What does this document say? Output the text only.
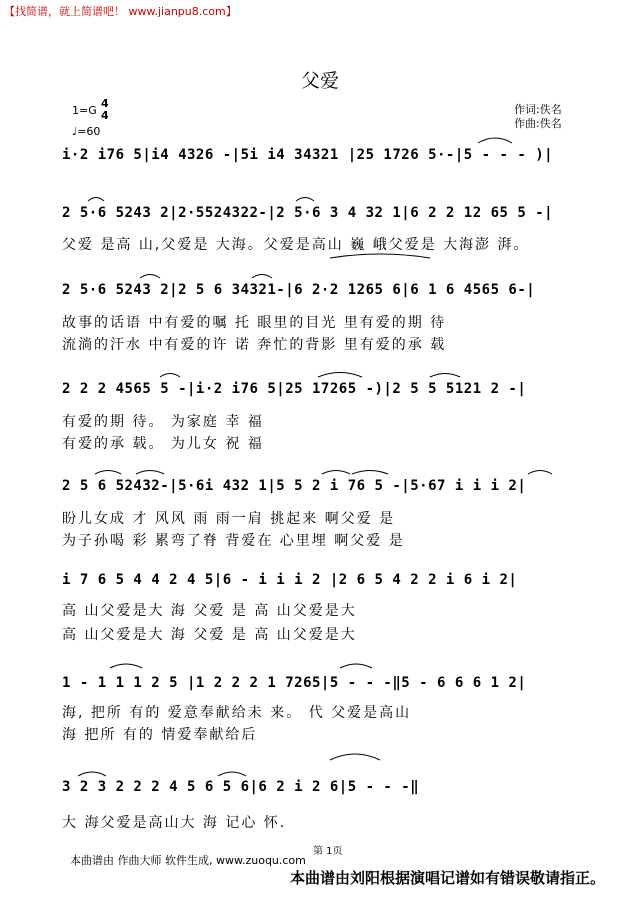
【找简谱，就上简谱吧！ www.jianpu8.com】
父爱
1=G
4
4
♩=60
作词:佚名
作曲:佚名
i·2 i76 5|i4 4326 -|5i i4 34321 |25 1726 5·-|5 - - - )|
2 5·6 5243 2|2·5524322-|2 5·6 3 4 32 1|6 2 2 12 65 5 -|
父爱 是高 山,父爱是 大海。父爱是高山 巍 峨父爱是 大海澎 湃。
2 5·6 5243 2|2 5 6 34321-|6 2·2 1265 6|6 1 6 4565 6-|
故事的话语 中有爱的嘱 托 眼里的目光 里有爱的期 待
流淌的汗水 中有爱的许 诺 奔忙的背影 里有爱的承 载
2 2 2 4565 5 -|i·2 i76 5|25 17265 -)|2 5 5 5121 2 -|
有爱的期 待。 为家庭 幸 福
有爱的承 载。 为儿女 祝 福
2 5 6 52432-|5·6i 432 1|5 5 2 i 76 5 -|5·67 i i i 2|
盼儿女成 才 风风 雨 雨一肩 挑起来 啊父爱 是
为子孙喝 彩 累弯了脊 背爱在 心里埋 啊父爱 是
i 7 6 5 4 4 2 4 5|6 - i i i 2 |2 6 5 4 2 2 i 6 i 2|
高 山父爱是大 海 父爱 是 高 山父爱是大
高 山父爱是大 海 父爱 是 高 山父爱是大
1 - 1 1 1 2 5 |1 2 2 2 1 7265|5 - - -‖5 - 6 6 6 1 2|
海, 把所 有的 爱意奉献给未 来。 代 父爱是高山
海 把所 有的 情爱奉献给后
3 2 3 2 2 2 4 5 6 5 6|6 2 i 2 6|5 - - -‖
大 海父爱是高山大 海 记心 怀.
第 1页
本曲谱由 作曲大师 软件生成, www.zuoqu.com
本曲谱由刘阳根据演唱记谱如有错误敬请指正。
